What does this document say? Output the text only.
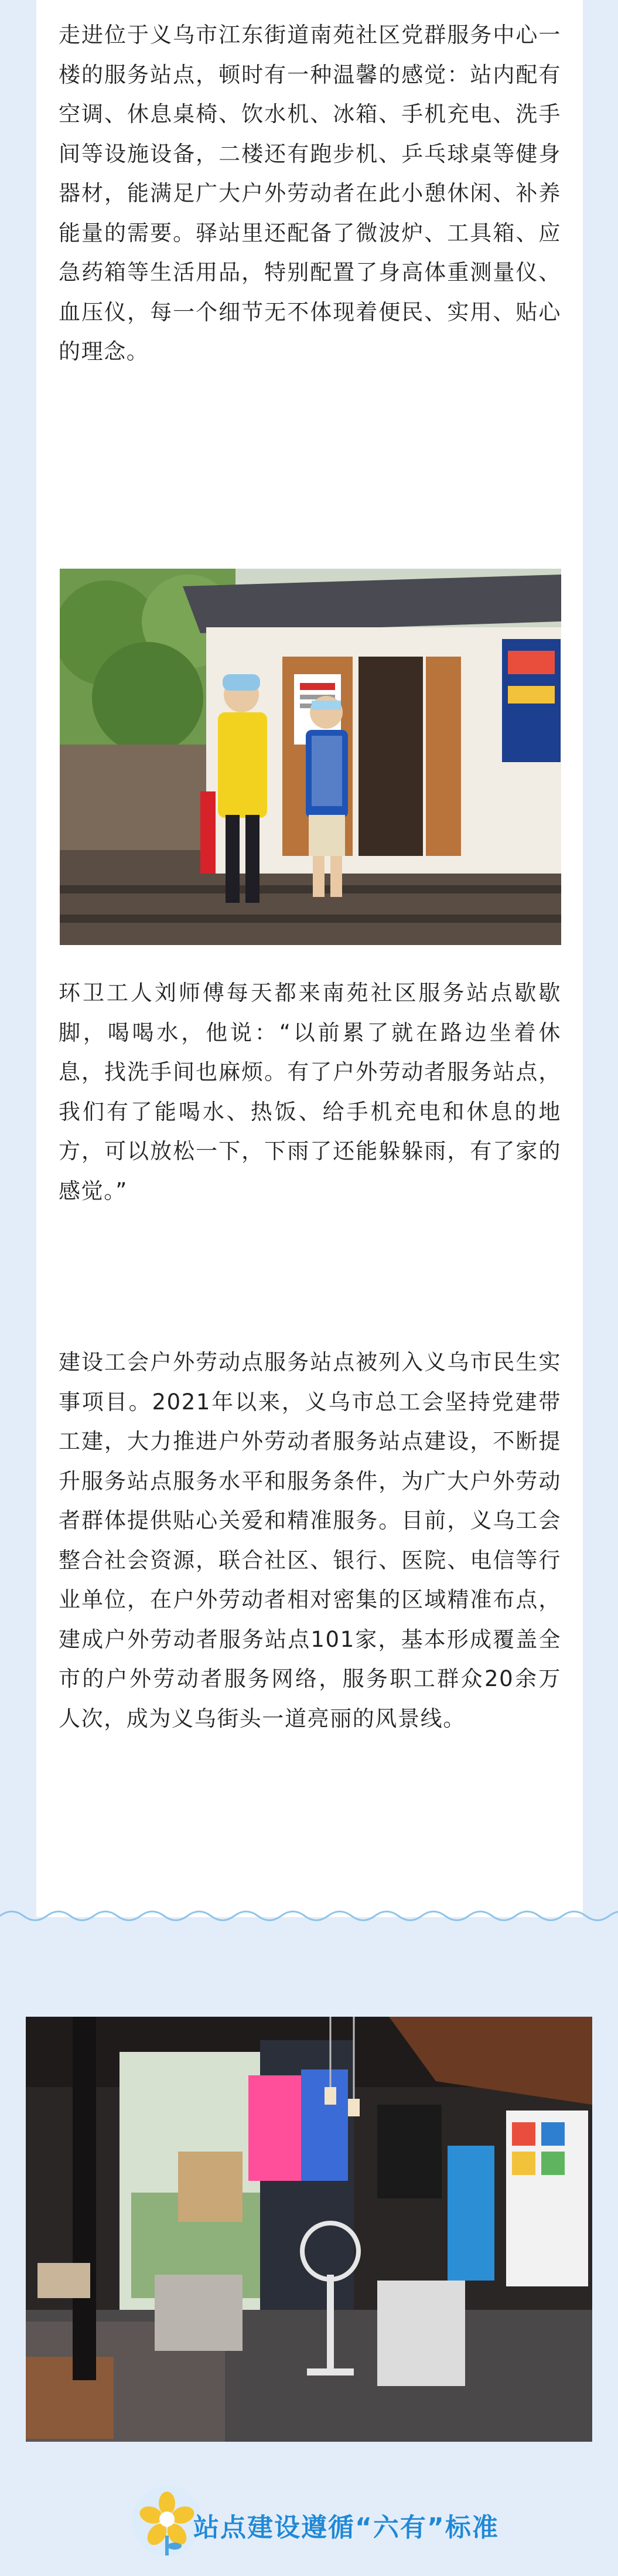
走进位于义乌市江东街道南苑社区党群服务中心一楼的服务站点，顿时有一种温馨的感觉：站内配有空调、休息桌椅、饮水机、冰箱、手机充电、洗手间等设施设备，二楼还有跑步机、乒乓球桌等健身器材，能满足广大户外劳动者在此小憩休闲、补养能量的需要。驿站里还配备了微波炉、工具箱、应急药箱等生活用品，特别配置了身高体重测量仪、血压仪，每一个细节无不体现着便民、实用、贴心的理念。

环卫工人刘师傅每天都来南苑社区服务站点歇歇脚，喝喝水，他说：“以前累了就在路边坐着休息，找洗手间也麻烦。有了户外劳动者服务站点，我们有了能喝水、热饭、给手机充电和休息的地方，可以放松一下，下雨了还能躲躲雨，有了家的感觉。”

建设工会户外劳动点服务站点被列入义乌市民生实事项目。2021年以来，义乌市总工会坚持党建带工建，大力推进户外劳动者服务站点建设，不断提升服务站点服务水平和服务条件，为广大户外劳动者群体提供贴心关爱和精准服务。目前，义乌工会整合社会资源，联合社区、银行、医院、电信等行业单位，在户外劳动者相对密集的区域精准布点，建成户外劳动者服务站点101家，基本形成覆盖全市的户外劳动者服务网络，服务职工群众20余万人次，成为义乌街头一道亮丽的风景线。

站点建设遵循“六有”标准
